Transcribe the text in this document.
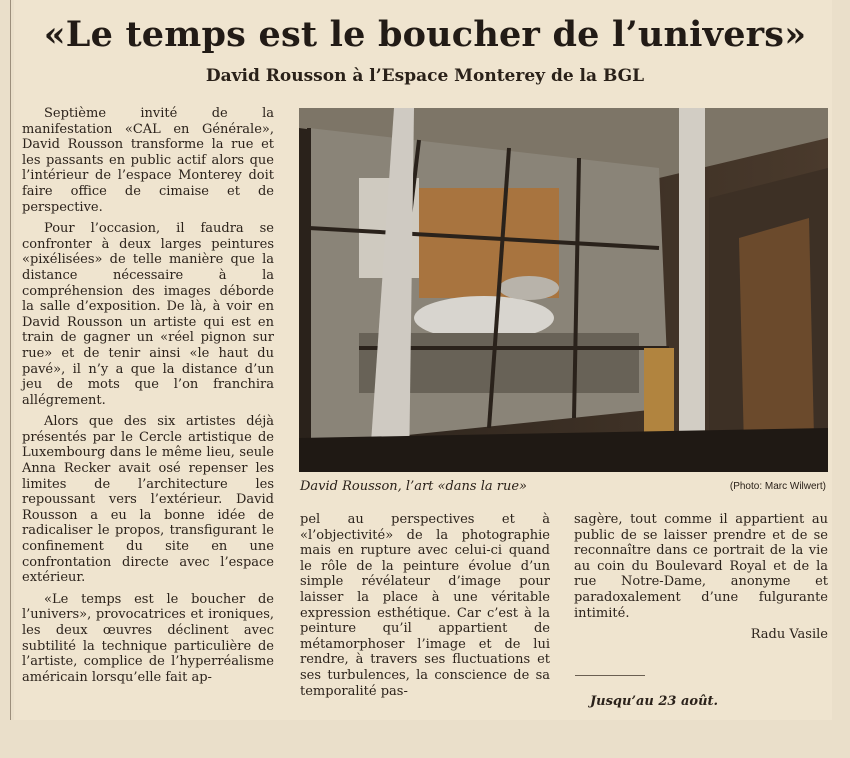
«Le temps est le boucher de l’univers»
David Rousson à l’Espace Monterey de la BGL

Septième invité de la manifestation «CAL en Générale», David Rousson transforme la rue et les passants en public actif alors que l’intérieur de l’espace Monterey doit faire office de cimaise et de perspective.

Pour l’occasion, il faudra se confronter à deux larges peintures «pixélisées» de telle manière que la distance nécessaire à la compréhension des images déborde la salle d’exposition. De là, à voir en David Rousson un artiste qui est en train de gagner un «réel pignon sur rue» et de tenir ainsi «le haut du pavé», il n’y a que la distance d’un jeu de mots que l’on franchira allégrement.

Alors que des six artistes déjà présentés par le Cercle artistique de Luxembourg dans le même lieu, seule Anna Recker avait osé repenser les limites de l’architecture les repoussant vers l’extérieur. David Rousson a eu la bonne idée de radicaliser le propos, transfigurant le confinement du site en une confrontation directe avec l’espace extérieur.

«Le temps est le boucher de l’univers», provocatrices et ironiques, les deux œuvres déclinent avec subtilité la technique particulière de l’artiste, complice de l’hyperréalisme américain lorsqu’elle fait ap-

David Rousson, l’art «dans la rue»	(Photo: Marc Wilwert)

pel au perspectives et à «l’objectivité» de la photographie mais en rupture avec celui-ci quand le rôle de la peinture évolue d’un simple révélateur d’image pour laisser la place à une véritable expression esthétique. Car c’est à la peinture qu’il appartient de métamorphoser l’image et de lui rendre, à travers ses fluctuations et ses turbulences, la conscience de sa temporalité pas-

sagère, tout comme il appartient au public de se laisser prendre et de se reconnaître dans ce portrait de la vie au coin du Boulevard Royal et de la rue Notre-Dame, anonyme et paradoxalement d’une fulgurante intimité.

Radu Vasile
Jusqu’au 23 août.
